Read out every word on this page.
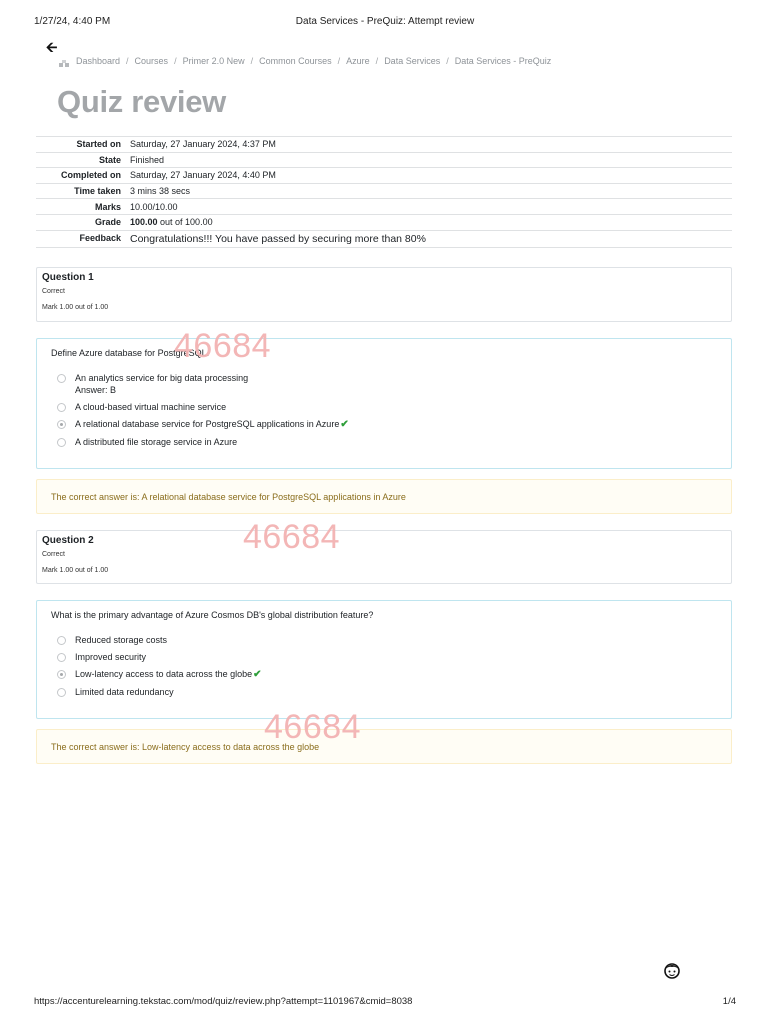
1/27/24, 4:40 PM	Data Services - PreQuiz: Attempt review
🡨
Dashboard / Courses / Primer 2.0 New / Common Courses / Azure / Data Services / Data Services - PreQuiz
Quiz review
Started on	Saturday, 27 January 2024, 4:37 PM
State	Finished
Completed on	Saturday, 27 January 2024, 4:40 PM
Time taken	3 mins 38 secs
Marks	10.00/10.00
Grade	100.00 out of 100.00
Feedback	Congratulations!!! You have passed by securing more than 80%
Question 1
Correct
Mark 1.00 out of 1.00
Define Azure database for PostgreSQL.
An analytics service for big data processing
Answer: B
A cloud-based virtual machine service
A relational database service for PostgreSQL applications in Azure✔
A distributed file storage service in Azure
The correct answer is: A relational database service for PostgreSQL applications in Azure
Question 2
Correct
Mark 1.00 out of 1.00
What is the primary advantage of Azure Cosmos DB's global distribution feature?
Reduced storage costs
Improved security
Low-latency access to data across the globe✔
Limited data redundancy
The correct answer is: Low-latency access to data across the globe
46684
46684
46684
https://accenturelearning.tekstac.com/mod/quiz/review.php?attempt=1101967&cmid=8038	1/4
